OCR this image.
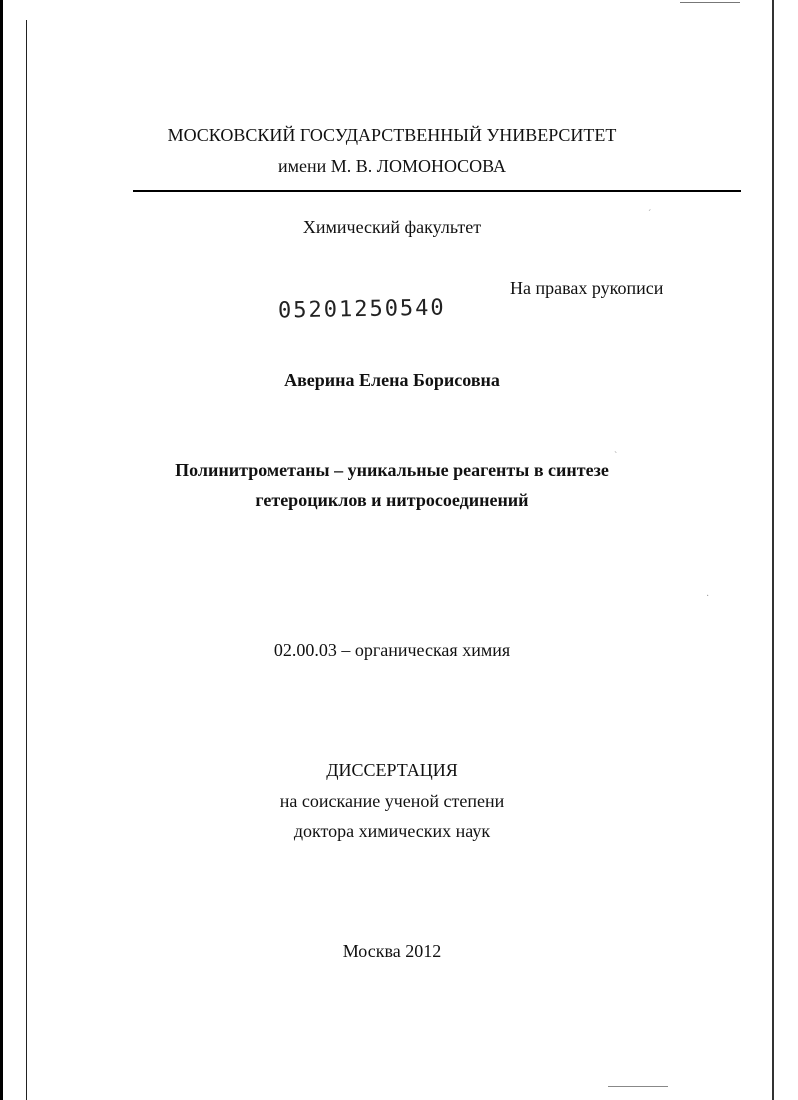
МОСКОВСКИЙ ГОСУДАРСТВЕННЫЙ УНИВЕРСИТЕТ
имени М. В. ЛОМОНОСОВА
Химический факультет
На правах рукописи
05201250540
Аверина Елена Борисовна
Полинитрометаны – уникальные реагенты в синтезе
гетероциклов и нитросоединений
02.00.03 – органическая химия
ДИССЕРТАЦИЯ
на соискание ученой степени
доктора химических наук
Москва 2012
´
`
·
